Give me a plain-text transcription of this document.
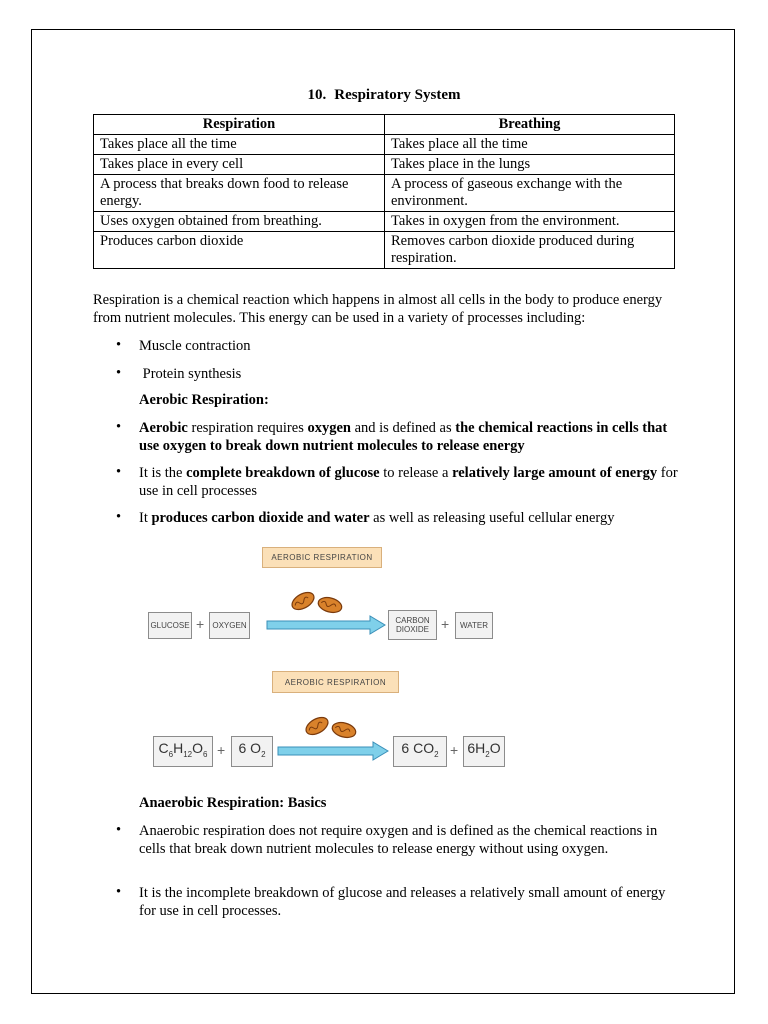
10. Respiratory System
Respiration	Breathing
Takes place all the time	Takes place all the time
Takes place in every cell	Takes place in the lungs
A process that breaks down food to release energy.	A process of gaseous exchange with the environment.
Uses oxygen obtained from breathing.	Takes in oxygen from the environment.
Produces carbon dioxide	Removes carbon dioxide produced during respiration.
Respiration is a chemical reaction which happens in almost all cells in the body to produce energy from nutrient molecules. This energy can be used in a variety of processes including:
• Muscle contraction
• Protein synthesis
Aerobic Respiration:
• Aerobic respiration requires oxygen and is defined as the chemical reactions in cells that use oxygen to break down nutrient molecules to release energy
• It is the complete breakdown of glucose to release a relatively large amount of energy for use in cell processes
• It produces carbon dioxide and water as well as releasing useful cellular energy
AEROBIC RESPIRATION
GLUCOSE +	OXYGEN
CARBON
DIOXIDE +	WATER
AEROBIC RESPIRATION
$C_6H_{12}O_6 + 6$ $O_2$	6 $CO_2 + 6H_2O$
Anaerobic Respiration: Basics
• Anaerobic respiration does not require oxygen and is defined as the chemical reactions in cells that break down nutrient molecules to release energy without using oxygen.
• It is the incomplete breakdown of glucose and releases a relatively small amount of energy for use in cell processes.
